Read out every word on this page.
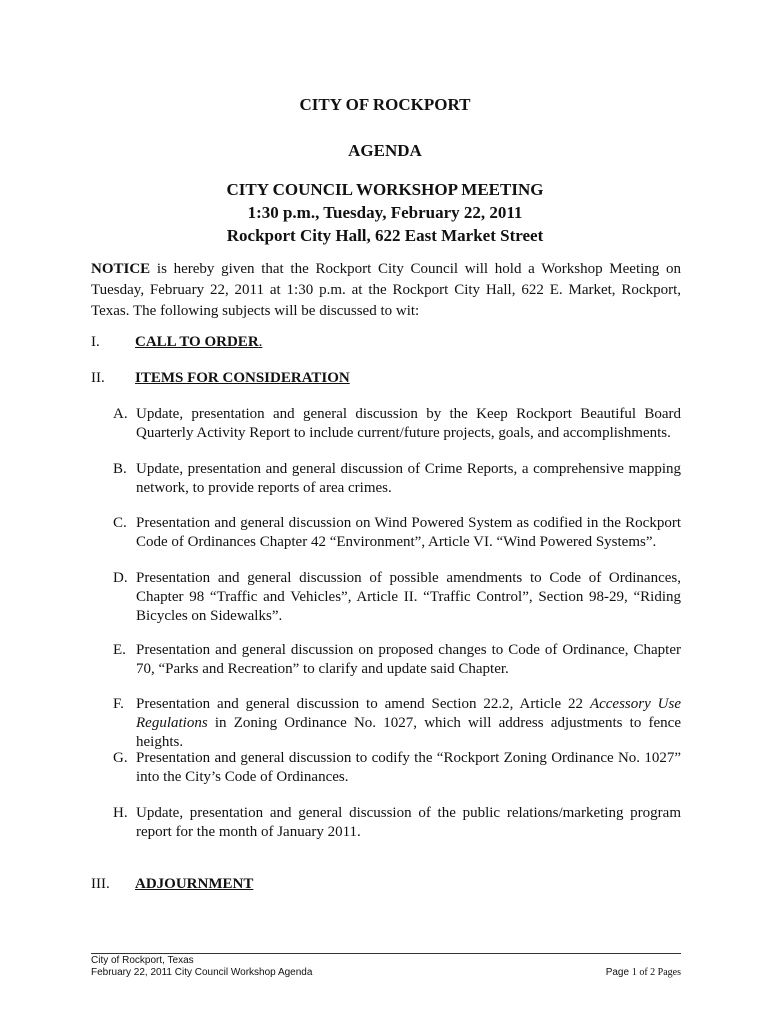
CITY OF ROCKPORT
AGENDA
CITY COUNCIL WORKSHOP MEETING
1:30 p.m., Tuesday, February 22, 2011
Rockport City Hall, 622 East Market Street
NOTICE is hereby given that the Rockport City Council will hold a Workshop Meeting on Tuesday, February 22, 2011 at 1:30 p.m. at the Rockport City Hall, 622 E. Market, Rockport, Texas. The following subjects will be discussed to wit:
I. CALL TO ORDER.
II. ITEMS FOR CONSIDERATION
A. Update, presentation and general discussion by the Keep Rockport Beautiful Board Quarterly Activity Report to include current/future projects, goals, and accomplishments.
B. Update, presentation and general discussion of Crime Reports, a comprehensive mapping network, to provide reports of area crimes.
C. Presentation and general discussion on Wind Powered System as codified in the Rockport Code of Ordinances Chapter 42 “Environment”, Article VI. “Wind Powered Systems”.
D. Presentation and general discussion of possible amendments to Code of Ordinances, Chapter 98 “Traffic and Vehicles”, Article II. “Traffic Control”, Section 98-29, “Riding Bicycles on Sidewalks”.
E. Presentation and general discussion on proposed changes to Code of Ordinance, Chapter 70, “Parks and Recreation” to clarify and update said Chapter.
F. Presentation and general discussion to amend Section 22.2, Article 22 Accessory Use Regulations in Zoning Ordinance No. 1027, which will address adjustments to fence heights.
G. Presentation and general discussion to codify the “Rockport Zoning Ordinance No. 1027” into the City’s Code of Ordinances.
H. Update, presentation and general discussion of the public relations/marketing program report for the month of January 2011.
III. ADJOURNMENT
City of Rockport, Texas
February 22, 2011 City Council Workshop Agenda	Page 1 of 2 Pages
